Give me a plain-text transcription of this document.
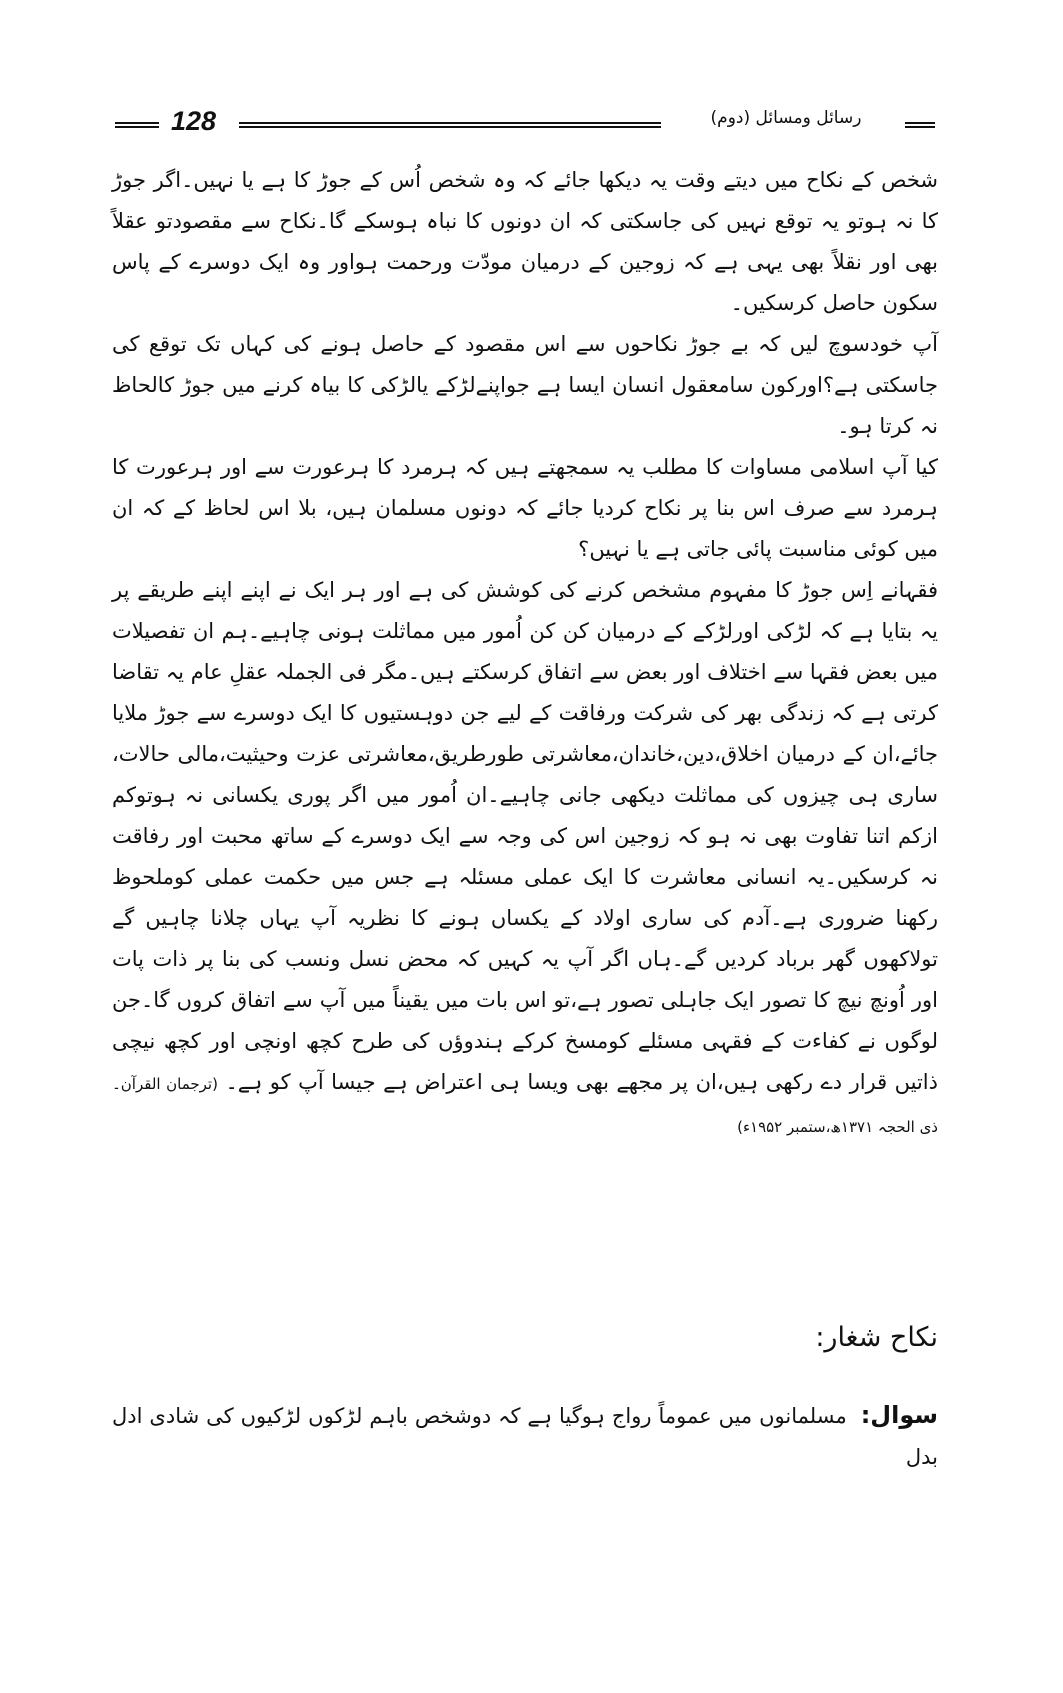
128	رسائل ومسائل (دوم)

شخص کے نکاح میں دیتے وقت یہ دیکھا جائے کہ وہ شخص اُس کے جوڑ کا ہے یا نہیں۔اگر جوڑ کا نہ ہوتو یہ توقع نہیں کی جاسکتی کہ ان دونوں کا نباہ ہوسکے گا۔نکاح سے مقصودتو عقلاً بھی اور نقلاً بھی یہی ہے کہ زوجین کے درمیان مودّت ورحمت ہواور وہ ایک دوسرے کے پاس سکون حاصل کرسکیں۔

آپ خودسوچ لیں کہ بے جوڑ نکاحوں سے اس مقصود کے حاصل ہونے کی کہاں تک توقع کی جاسکتی ہے؟اورکون سامعقول انسان ایسا ہے جواپنےلڑکے یالڑکی کا بیاہ کرنے میں جوڑ کالحاظ نہ کرتا ہو۔

کیا آپ اسلامی مساوات کا مطلب یہ سمجھتے ہیں کہ ہرمرد کا ہرعورت سے اور ہرعورت کا ہرمرد سے صرف اس بنا پر نکاح کردیا جائے کہ دونوں مسلمان ہیں، بلا اس لحاظ کے کہ ان میں کوئی مناسبت پائی جاتی ہے یا نہیں؟

فقہانے اِس جوڑ کا مفہوم مشخص کرنے کی کوشش کی ہے اور ہر ایک نے اپنے اپنے طریقے پر یہ بتایا ہے کہ لڑکی اورلڑکے کے درمیان کن کن اُمور میں مماثلت ہونی چاہیے۔ہم ان تفصیلات میں بعض فقہا سے اختلاف اور بعض سے اتفاق کرسکتے ہیں۔مگر فی الجملہ عقلِ عام یہ تقاضا کرتی ہے کہ زندگی بھر کی شرکت ورفاقت کے لیے جن دوہستیوں کا ایک دوسرے سے جوڑ ملایا جائے،ان کے درمیان اخلاق،دین،خاندان،معاشرتی طورطریق،معاشرتی عزت وحیثیت،مالی حالات، ساری ہی چیزوں کی مماثلت دیکھی جانی چاہیے۔ان اُمور میں اگر پوری یکسانی نہ ہوتوکم ازکم اتنا تفاوت بھی نہ ہو کہ زوجین اس کی وجہ سے ایک دوسرے کے ساتھ محبت اور رفاقت نہ کرسکیں۔یہ انسانی معاشرت کا ایک عملی مسئلہ ہے جس میں حکمت عملی کوملحوظ رکھنا ضروری ہے۔آدم کی ساری اولاد کے یکساں ہونے کا نظریہ آپ یہاں چلانا چاہیں گے تولاکھوں گھر برباد کردیں گے۔ہاں اگر آپ یہ کہیں کہ محض نسل ونسب کی بنا پر ذات پات اور اُونچ نیچ کا تصور ایک جاہلی تصور ہے،تو اس بات میں یقیناً میں آپ سے اتفاق کروں گا۔جن لوگوں نے کفاءت کے فقہی مسئلے کومسخ کرکے ہندوؤں کی طرح کچھ اونچی اور کچھ نیچی ذاتیں قرار دے رکھی ہیں،ان پر مجھے بھی ویسا ہی اعتراض ہے جیسا آپ کو ہے۔ (ترجمان القرآن۔ذی الحجہ ۱۳۷۱ھ،ستمبر ۱۹۵۲ء)

نکاح شغار:
سوال:مسلمانوں میں عموماً رواج ہوگیا ہے کہ دوشخص باہم لڑکوں لڑکیوں کی شادی ادل بدل
